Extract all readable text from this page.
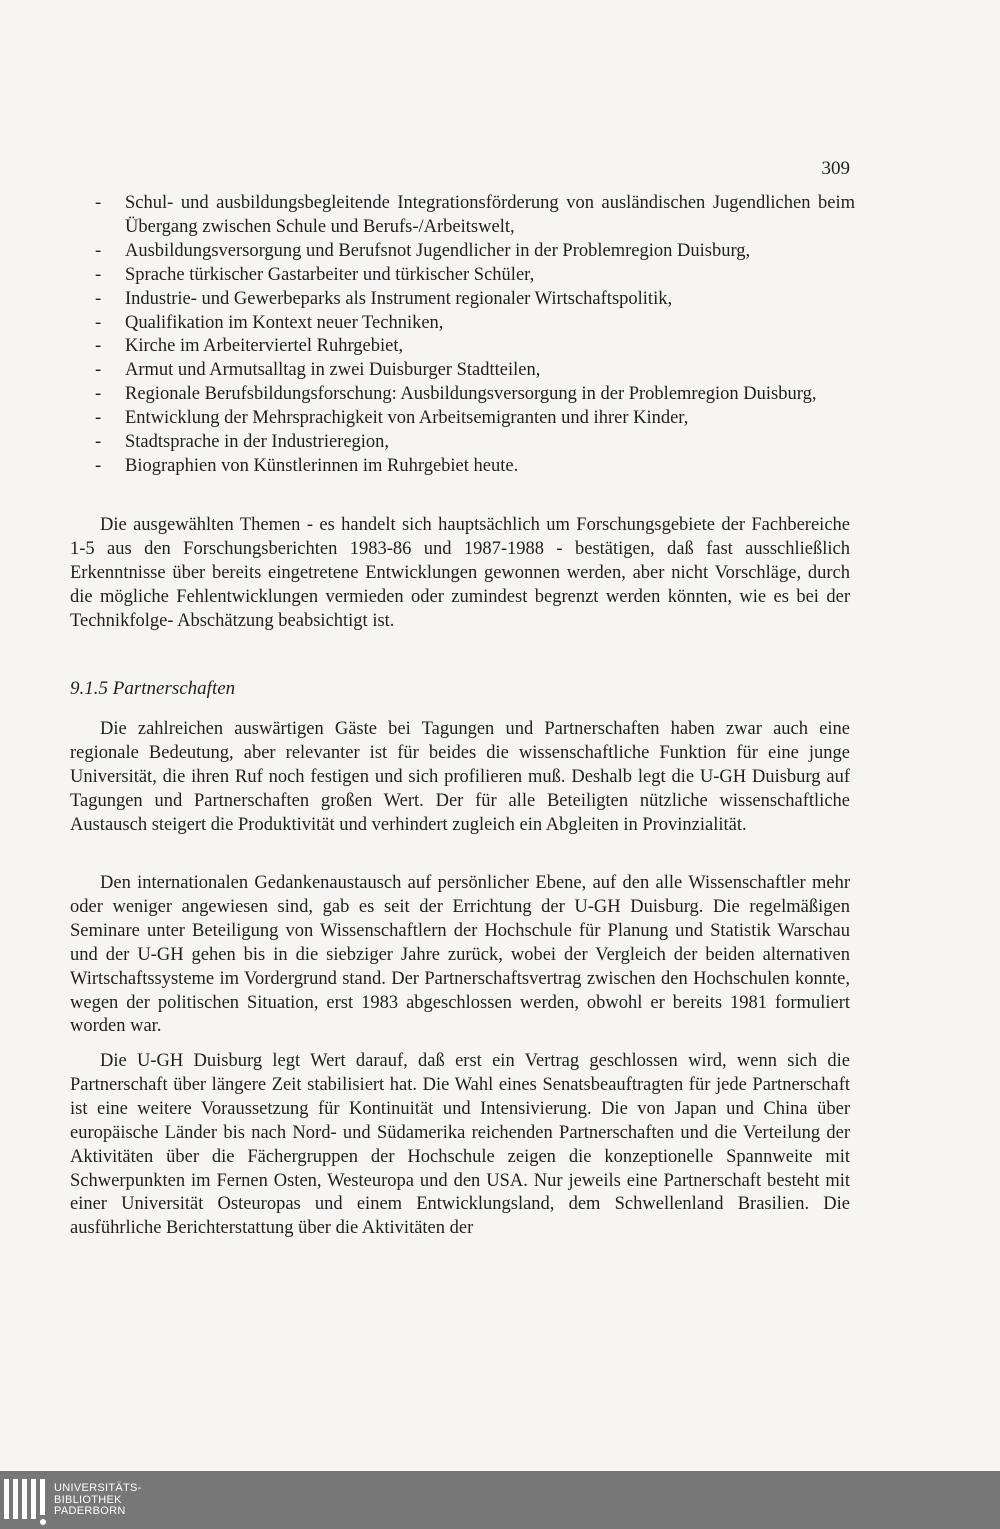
309
- Schul- und ausbildungsbegleitende Integrationsförderung von ausländischen Jugendlichen beim Übergang zwischen Schule und Berufs-/Arbeitswelt,
- Ausbildungsversorgung und Berufsnot Jugendlicher in der Problemregion Duisburg,
- Sprache türkischer Gastarbeiter und türkischer Schüler,
- Industrie- und Gewerbeparks als Instrument regionaler Wirtschaftspolitik,
- Qualifikation im Kontext neuer Techniken,
- Kirche im Arbeiterviertel Ruhrgebiet,
- Armut und Armutsalltag in zwei Duisburger Stadtteilen,
- Regionale Berufsbildungsforschung: Ausbildungsversorgung in der Problemregion Duisburg,
- Entwicklung der Mehrsprachigkeit von Arbeitsemigranten und ihrer Kinder,
- Stadtsprache in der Industrieregion,
- Biographien von Künstlerinnen im Ruhrgebiet heute.

Die ausgewählten Themen - es handelt sich hauptsächlich um Forschungsgebiete der Fachbereiche 1-5 aus den Forschungsberichten 1983-86 und 1987-1988 - bestätigen, daß fast ausschließlich Erkenntnisse über bereits eingetretene Entwicklungen gewonnen werden, aber nicht Vorschläge, durch die mögliche Fehlentwicklungen vermieden oder zumindest begrenzt werden könnten, wie es bei der Technikfolge- Abschätzung beabsichtigt ist.

9.1.5 Partnerschaften

Die zahlreichen auswärtigen Gäste bei Tagungen und Partnerschaften haben zwar auch eine regionale Bedeutung, aber relevanter ist für beides die wissenschaftliche Funktion für eine junge Universität, die ihren Ruf noch festigen und sich profilieren muß. Deshalb legt die U-GH Duisburg auf Tagungen und Partnerschaften großen Wert. Der für alle Beteiligten nützliche wissenschaftliche Austausch steigert die Produktivität und verhindert zugleich ein Abgleiten in Provinzialität.

Den internationalen Gedankenaustausch auf persönlicher Ebene, auf den alle Wissenschaftler mehr oder weniger angewiesen sind, gab es seit der Errichtung der U-GH Duisburg. Die regelmäßigen Seminare unter Beteiligung von Wissenschaftlern der Hochschule für Planung und Statistik Warschau und der U-GH gehen bis in die siebziger Jahre zurück, wobei der Vergleich der beiden alternativen Wirtschaftssysteme im Vordergrund stand. Der Partnerschaftsvertrag zwischen den Hochschulen konnte, wegen der politischen Situation, erst 1983 abgeschlossen werden, obwohl er bereits 1981 formuliert worden war.

Die U-GH Duisburg legt Wert darauf, daß erst ein Vertrag geschlossen wird, wenn sich die Partnerschaft über längere Zeit stabilisiert hat. Die Wahl eines Senatsbeauftragten für jede Partnerschaft ist eine weitere Voraussetzung für Kontinuität und Intensivierung. Die von Japan und China über europäische Länder bis nach Nord- und Südamerika reichenden Partnerschaften und die Verteilung der Aktivitäten über die Fächergruppen der Hochschule zeigen die konzeptionelle Spannweite mit Schwerpunkten im Fernen Osten, Westeuropa und den USA. Nur jeweils eine Partnerschaft besteht mit einer Universität Osteuropas und einem Entwicklungsland, dem Schwellenland Brasilien. Die ausführliche Berichterstattung über die Aktivitäten der

UNIVERSITÄTS-
BIBLIOTHEK
PADERBORN
